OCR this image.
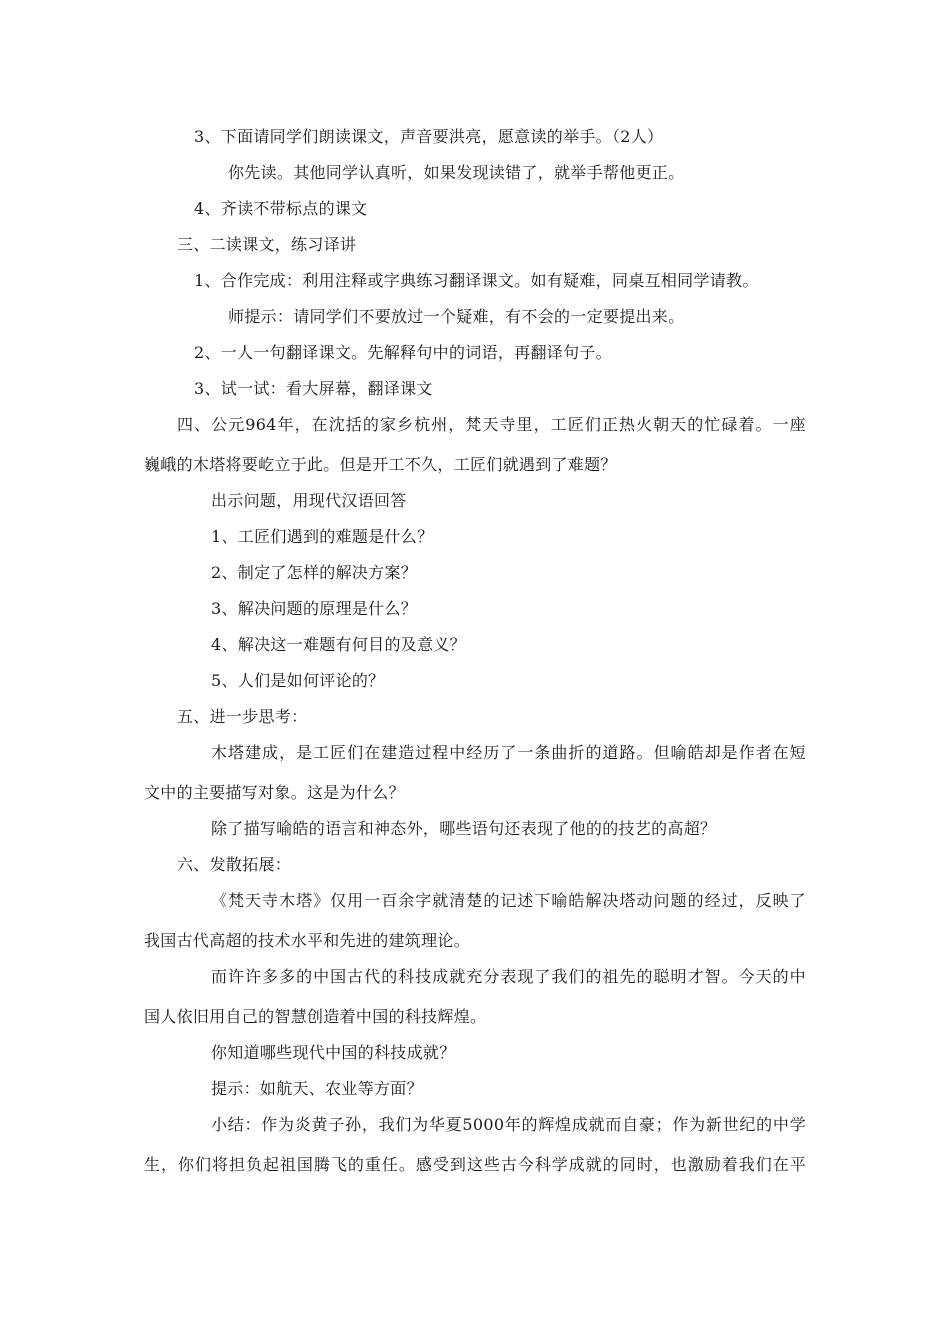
3、下面请同学们朗读课文，声音要洪亮，愿意读的举手。（2人）
你先读。其他同学认真听，如果发现读错了，就举手帮他更正。
4、齐读不带标点的课文
三、二读课文，练习译讲
1、合作完成：利用注释或字典练习翻译课文。如有疑难，同桌互相同学请教。
师提示：请同学们不要放过一个疑难，有不会的一定要提出来。
2、一人一句翻译课文。先解释句中的词语，再翻译句子。
3、试一试：看大屏幕，翻译课文
四、公元964年，在沈括的家乡杭州，梵天寺里，工匠们正热火朝天的忙碌着。一座
巍峨的木塔将要屹立于此。但是开工不久，工匠们就遇到了难题？
出示问题，用现代汉语回答
1、工匠们遇到的难题是什么？
2、制定了怎样的解决方案？
3、解决问题的原理是什么？
4、解决这一难题有何目的及意义？
5、人们是如何评论的？
五、进一步思考：
木塔建成，是工匠们在建造过程中经历了一条曲折的道路。但喻皓却是作者在短
文中的主要描写对象。这是为什么？
除了描写喻皓的语言和神态外，哪些语句还表现了他的的技艺的高超？
六、发散拓展：
《梵天寺木塔》仅用一百余字就清楚的记述下喻皓解决塔动问题的经过，反映了
我国古代高超的技术水平和先进的建筑理论。
而许许多多的中国古代的科技成就充分表现了我们的祖先的聪明才智。今天的中
国人依旧用自己的智慧创造着中国的科技辉煌。
你知道哪些现代中国的科技成就？
提示：如航天、农业等方面？
小结：作为炎黄子孙，我们为华夏5000年的辉煌成就而自豪；作为新世纪的中学
生，你们将担负起祖国腾飞的重任。感受到这些古今科学成就的同时，也激励着我们在平
